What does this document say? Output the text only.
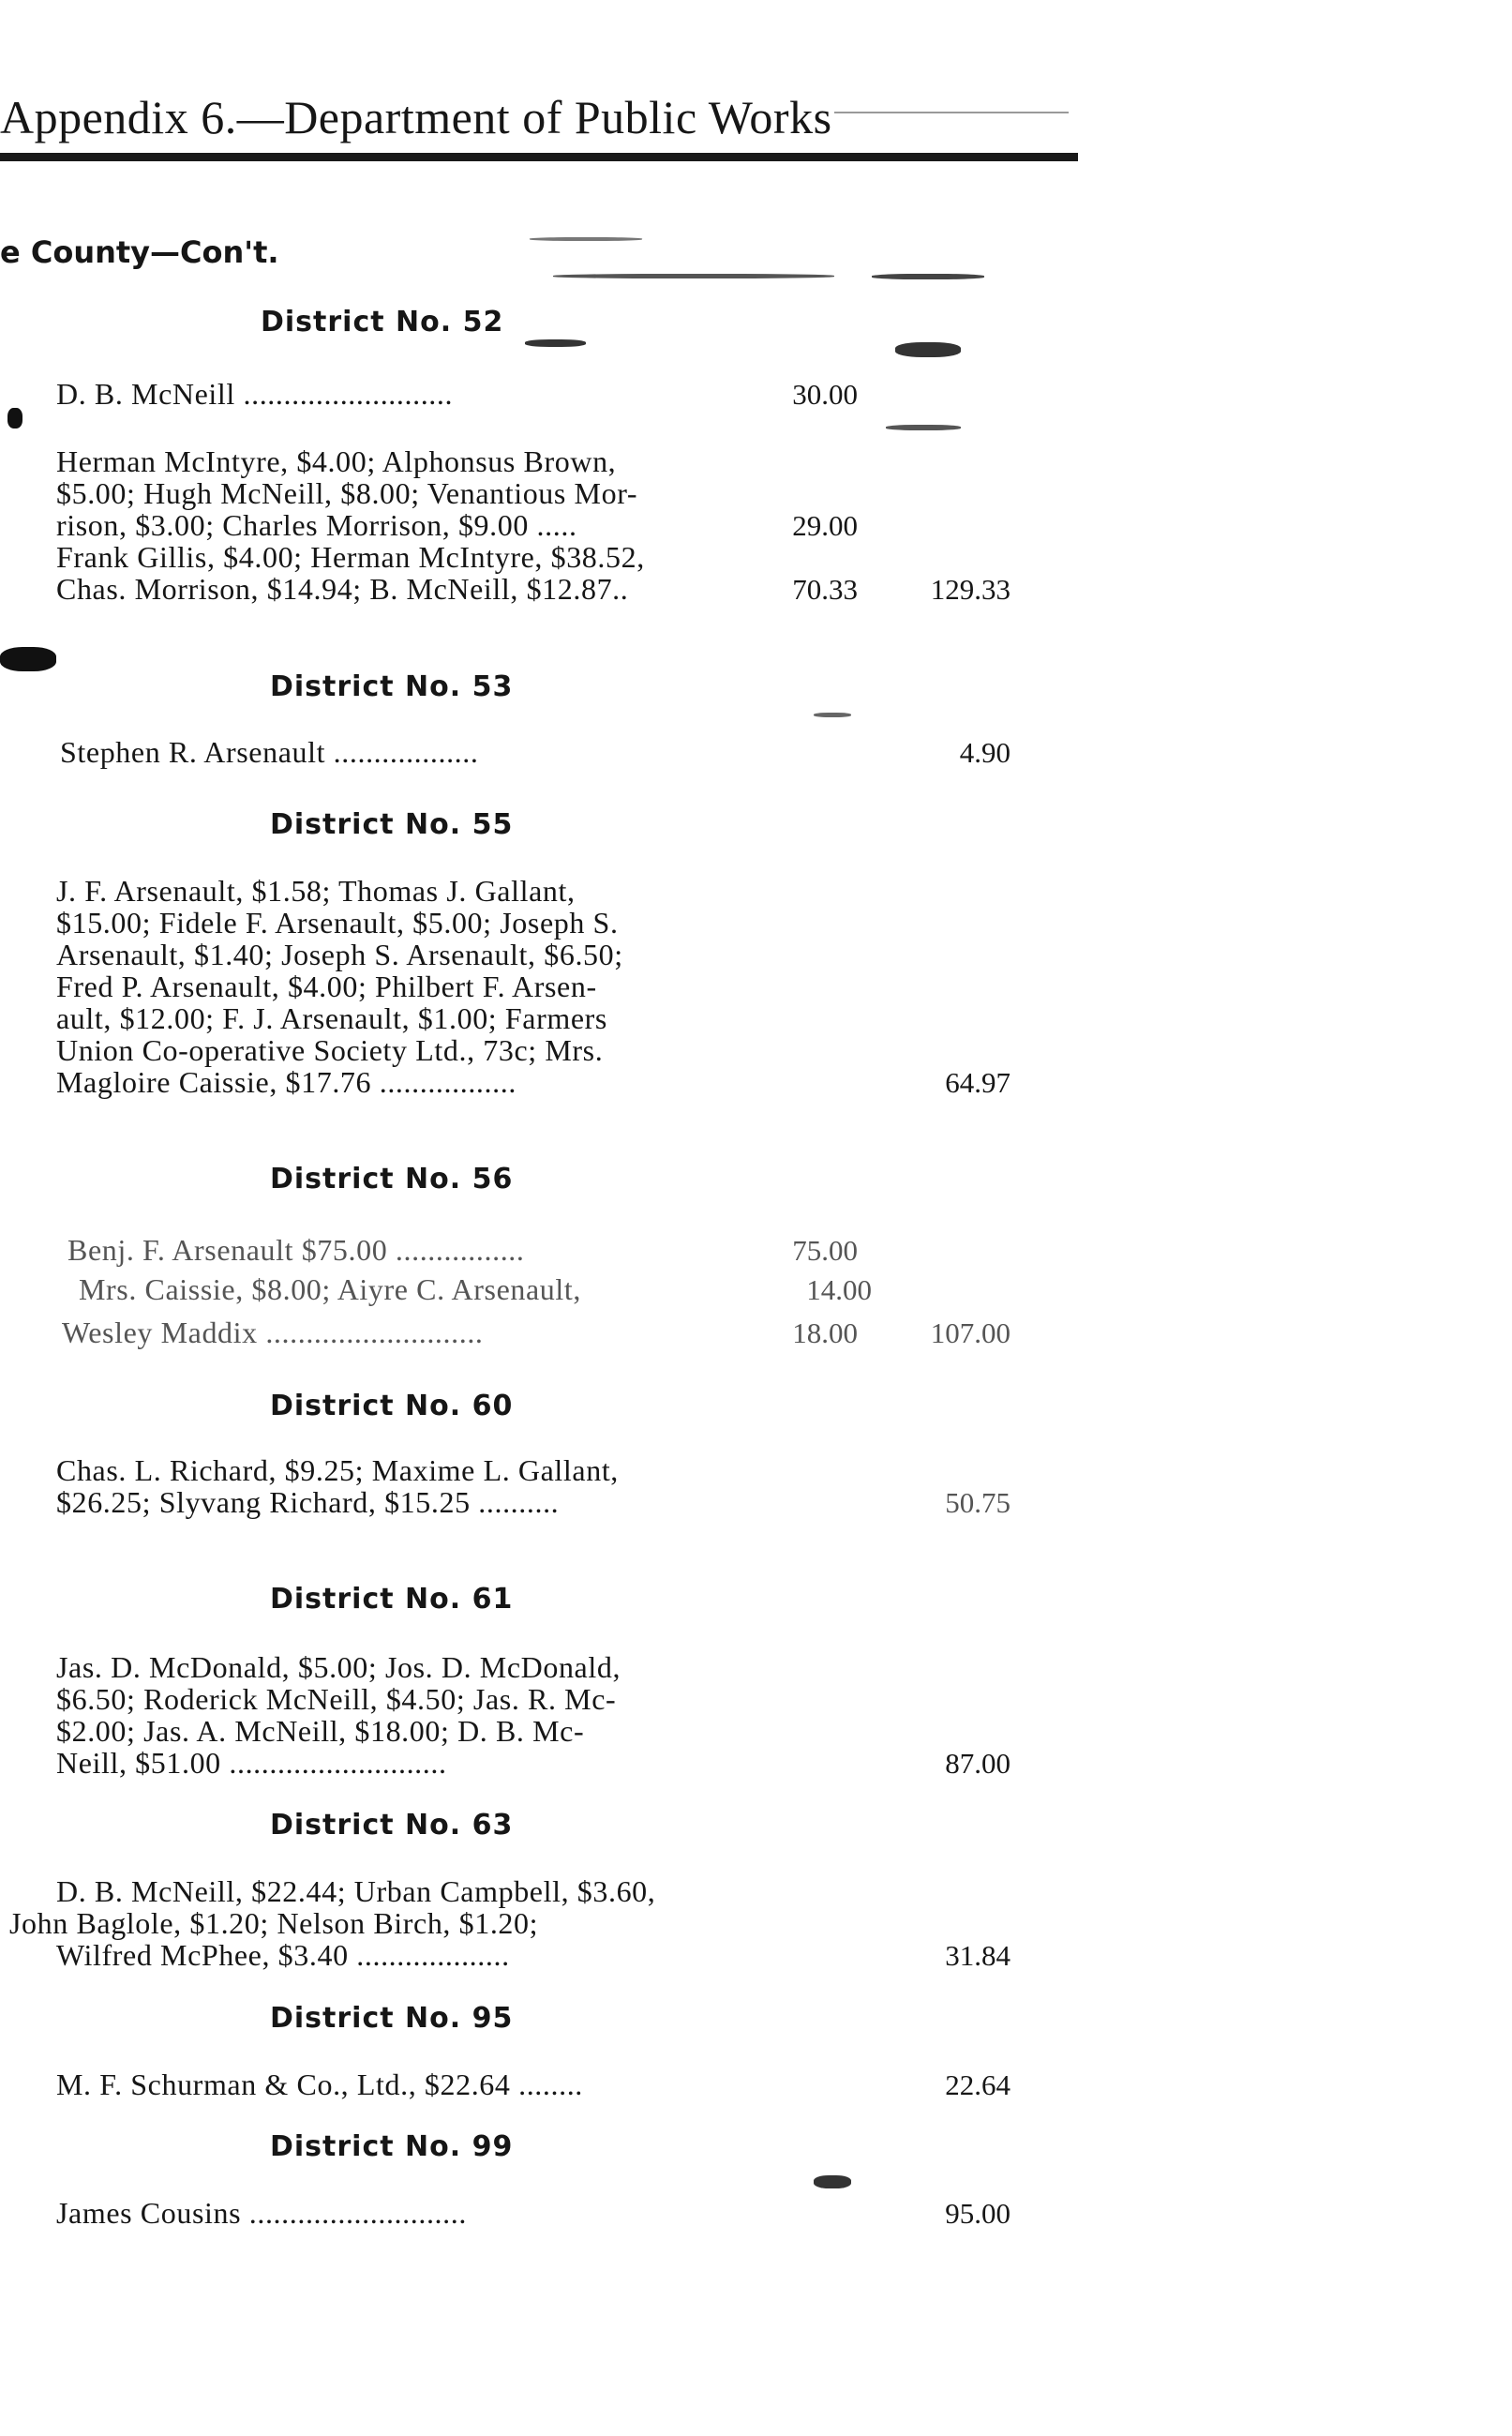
Appendix 6.—Department of Public Works
e County—Con't.
District No. 52
D. B. McNeill ..........................	30.00
Herman McIntyre, $4.00; Alphonsus Brown,
$5.00; Hugh McNeill, $8.00; Venantious Mor-
rison, $3.00; Charles Morrison, $9.00 .....	29.00
Frank Gillis, $4.00; Herman McIntyre, $38.52,
Chas. Morrison, $14.94; B. McNeill, $12.87..	70.33	129.33
District No. 53
Stephen R. Arsenault ..................	4.90
District No. 55
J. F. Arsenault, $1.58; Thomas J. Gallant,
$15.00; Fidele F. Arsenault, $5.00; Joseph S.
Arsenault, $1.40; Joseph S. Arsenault, $6.50;
Fred P. Arsenault, $4.00; Philbert F. Arsen-
ault, $12.00; F. J. Arsenault, $1.00; Farmers
Union Co-operative Society Ltd., 73c; Mrs.
Magloire Caissie, $17.76 .................	64.97
District No. 56
Benj. F. Arsenault $75.00 ................	75.00
Mrs. Caissie, $8.00; Aiyre C. Arsenault,	14.00
Wesley Maddix ...........................	18.00	107.00
District No. 60
Chas. L. Richard, $9.25; Maxime L. Gallant,
$26.25; Slyvang Richard, $15.25 ..........	50.75
District No. 61
Jas. D. McDonald, $5.00; Jos. D. McDonald,
$6.50; Roderick McNeill, $4.50; Jas. R. Mc-
$2.00; Jas. A. McNeill, $18.00; D. B. Mc-
Neill, $51.00 ...........................	87.00
District No. 63
D. B. McNeill, $22.44; Urban Campbell, $3.60,
John Baglole, $1.20; Nelson Birch, $1.20;
Wilfred McPhee, $3.40 ...................	31.84
District No. 95
M. F. Schurman & Co., Ltd., $22.64 ........	22.64
District No. 99
James Cousins ...........................	95.00
